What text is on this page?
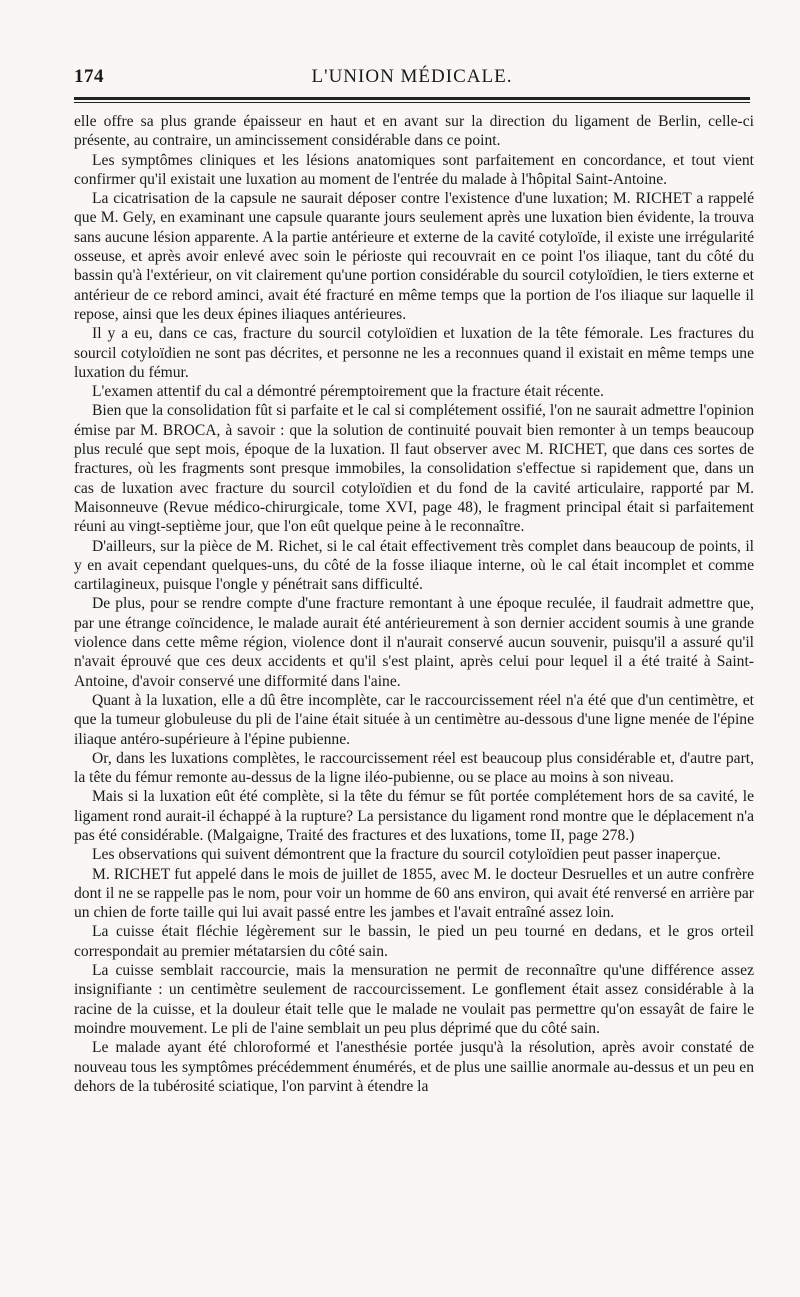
174	L'UNION MÉDICALE.

elle offre sa plus grande épaisseur en haut et en avant sur la direction du ligament de Berlin, celle-ci présente, au contraire, un amincissement considérable dans ce point.

Les symptômes cliniques et les lésions anatomiques sont parfaitement en concordance, et tout vient confirmer qu'il existait une luxation au moment de l'entrée du malade à l'hôpital Saint-Antoine.

La cicatrisation de la capsule ne saurait déposer contre l'existence d'une luxation; M. RICHET a rappelé que M. Gely, en examinant une capsule quarante jours seulement après une luxation bien évidente, la trouva sans aucune lésion apparente. A la partie antérieure et externe de la cavité cotyloïde, il existe une irrégularité osseuse, et après avoir enlevé avec soin le périoste qui recouvrait en ce point l'os iliaque, tant du côté du bassin qu'à l'extérieur, on vit clairement qu'une portion considérable du sourcil cotyloïdien, le tiers externe et antérieur de ce rebord aminci, avait été fracturé en même temps que la portion de l'os iliaque sur laquelle il repose, ainsi que les deux épines iliaques antérieures.

Il y a eu, dans ce cas, fracture du sourcil cotyloïdien et luxation de la tête fémorale. Les fractures du sourcil cotyloïdien ne sont pas décrites, et personne ne les a reconnues quand il existait en même temps une luxation du fémur.

L'examen attentif du cal a démontré péremptoirement que la fracture était récente.

Bien que la consolidation fût si parfaite et le cal si complétement ossifié, l'on ne saurait admettre l'opinion émise par M. BROCA, à savoir : que la solution de continuité pouvait bien remonter à un temps beaucoup plus reculé que sept mois, époque de la luxation. Il faut observer avec M. RICHET, que dans ces sortes de fractures, où les fragments sont presque immobiles, la consolidation s'effectue si rapidement que, dans un cas de luxation avec fracture du sourcil cotyloïdien et du fond de la cavité articulaire, rapporté par M. Maisonneuve (Revue médico-chirurgicale, tome XVI, page 48), le fragment principal était si parfaitement réuni au vingt-septième jour, que l'on eût quelque peine à le reconnaître.

D'ailleurs, sur la pièce de M. Richet, si le cal était effectivement très complet dans beaucoup de points, il y en avait cependant quelques-uns, du côté de la fosse iliaque interne, où le cal était incomplet et comme cartilagineux, puisque l'ongle y pénétrait sans difficulté.

De plus, pour se rendre compte d'une fracture remontant à une époque reculée, il faudrait admettre que, par une étrange coïncidence, le malade aurait été antérieurement à son dernier accident soumis à une grande violence dans cette même région, violence dont il n'aurait conservé aucun souvenir, puisqu'il a assuré qu'il n'avait éprouvé que ces deux accidents et qu'il s'est plaint, après celui pour lequel il a été traité à Saint-Antoine, d'avoir conservé une difformité dans l'aine.

Quant à la luxation, elle a dû être incomplète, car le raccourcissement réel n'a été que d'un centimètre, et que la tumeur globuleuse du pli de l'aine était située à un centimètre au-dessous d'une ligne menée de l'épine iliaque antéro-supérieure à l'épine pubienne.

Or, dans les luxations complètes, le raccourcissement réel est beaucoup plus considérable et, d'autre part, la tête du fémur remonte au-dessus de la ligne iléo-pubienne, ou se place au moins à son niveau.

Mais si la luxation eût été complète, si la tête du fémur se fût portée complétement hors de sa cavité, le ligament rond aurait-il échappé à la rupture? La persistance du ligament rond montre que le déplacement n'a pas été considérable. (Malgaigne, Traité des fractures et des luxations, tome II, page 278.)

Les observations qui suivent démontrent que la fracture du sourcil cotyloïdien peut passer inaperçue.

M. RICHET fut appelé dans le mois de juillet de 1855, avec M. le docteur Desruelles et un autre confrère dont il ne se rappelle pas le nom, pour voir un homme de 60 ans environ, qui avait été renversé en arrière par un chien de forte taille qui lui avait passé entre les jambes et l'avait entraîné assez loin.

La cuisse était fléchie légèrement sur le bassin, le pied un peu tourné en dedans, et le gros orteil correspondait au premier métatarsien du côté sain.

La cuisse semblait raccourcie, mais la mensuration ne permit de reconnaître qu'une différence assez insignifiante : un centimètre seulement de raccourcissement. Le gonflement était assez considérable à la racine de la cuisse, et la douleur était telle que le malade ne voulait pas permettre qu'on essayât de faire le moindre mouvement. Le pli de l'aine semblait un peu plus déprimé que du côté sain.

Le malade ayant été chloroformé et l'anesthésie portée jusqu'à la résolution, après avoir constaté de nouveau tous les symptômes précédemment énumérés, et de plus une saillie anormale au-dessus et un peu en dehors de la tubérosité sciatique, l'on parvint à étendre la
